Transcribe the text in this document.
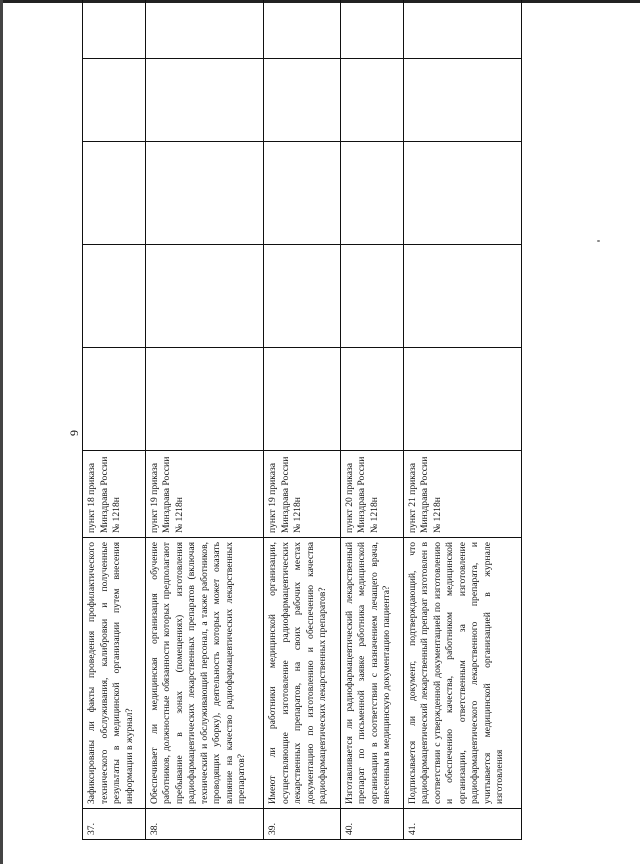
9
37.	Зафиксированы ли факты проведения профилактического технического обслуживания, калибровки и полученные результаты в медицинской организации путем внесения информации в журнал?	пункт 18 приказа Минздрава России № 1218н						
38.	Обеспечивает ли медицинская организация обучение работников, должностные обязанности которых предполагают пребывание в зонах (помещениях) изготовления радиофармацевтических лекарственных препаратов (включая технический и обслуживающий персонал, а также работников, проводящих уборку), деятельность которых может оказать влияние на качество радиофармацевтических лекарственных препаратов?	пункт 19 приказа Минздрава России № 1218н						
39.	Имеют ли работники медицинской организации, осуществляющие изготовление радиофармацевтических лекарственных препаратов, на своих рабочих местах документацию по изготовлению и обеспечению качества радиофармацевтических лекарственных препаратов?	пункт 19 приказа Минздрава России № 1218н						
40.	Изготавливается ли радиофармацевтический лекарственный препарат по письменной заявке работника медицинской организации в соответствии с назначением лечащего врача, внесенным в медицинскую документацию пациента?	пункт 20 приказа Минздрава России № 1218н						
41.	Подписывается ли документ, подтверждающий, что радиофармацевтический лекарственный препарат изготовлен в соответствии с утвержденной документацией по изготовлению и обеспечению качества, работником медицинской организации, ответственным за изготовление радиофармацевтического лекарственного препарата, и учитывается медицинской организацией в журнале изготовления	пункт 21 приказа Минздрава России № 1218н						
